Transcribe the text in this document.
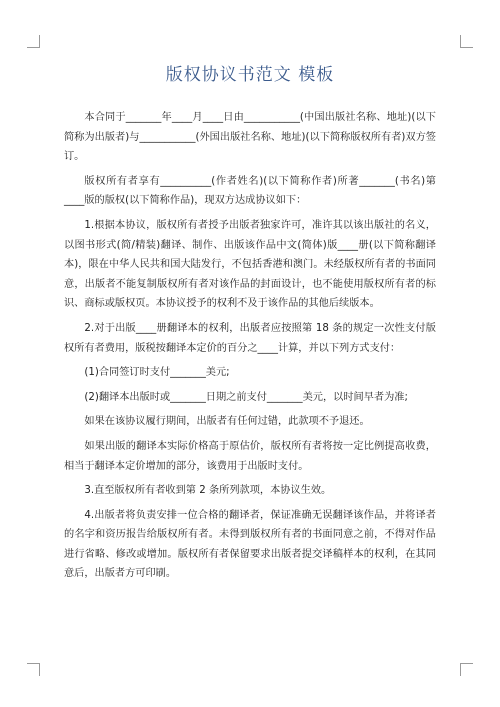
版权协议书范文 模板

本合同于_______年____月____日由___________(中国出版社名称、地址)(以下简称为出版者)与___________(外国出版社名称、地址)(以下简称版权所有者)双方签订。

版权所有者享有__________(作者姓名)(以下简称作者)所著_______(书名)第____版的版权(以下简称作品)，现双方达成协议如下：

1.根据本协议，版权所有者授予出版者独家许可，准许其以该出版社的名义，以图书形式(简/精装)翻译、制作、出版该作品中文(简体)版____册(以下简称翻译本)，限在中华人民共和国大陆发行，不包括香港和澳门。未经版权所有者的书面同意，出版者不能复制版权所有者对该作品的封面设计，也不能使用版权所有者的标识、商标或版权页。本协议授予的权利不及于该作品的其他后续版本。

2.对于出版____册翻译本的权利，出版者应按照第 18 条的规定一次性支付版权所有者费用，版税按翻译本定价的百分之____计算，并以下列方式支付：

(1)合同签订时支付_______美元;

(2)翻译本出版时或_______日期之前支付_______美元，以时间早者为准;

如果在该协议履行期间，出版者有任何过错，此款项不予退还。

如果出版的翻译本实际价格高于原估价，版权所有者将按一定比例提高收费，相当于翻译本定价增加的部分，该费用于出版时支付。

3.直至版权所有者收到第 2 条所列款项，本协议生效。

4.出版者将负责安排一位合格的翻译者，保证准确无误翻译该作品，并将译者的名字和资历报告给版权所有者。未得到版权所有者的书面同意之前，不得对作品进行省略、修改或增加。版权所有者保留要求出版者提交译稿样本的权利，在其同意后，出版者方可印刷。
